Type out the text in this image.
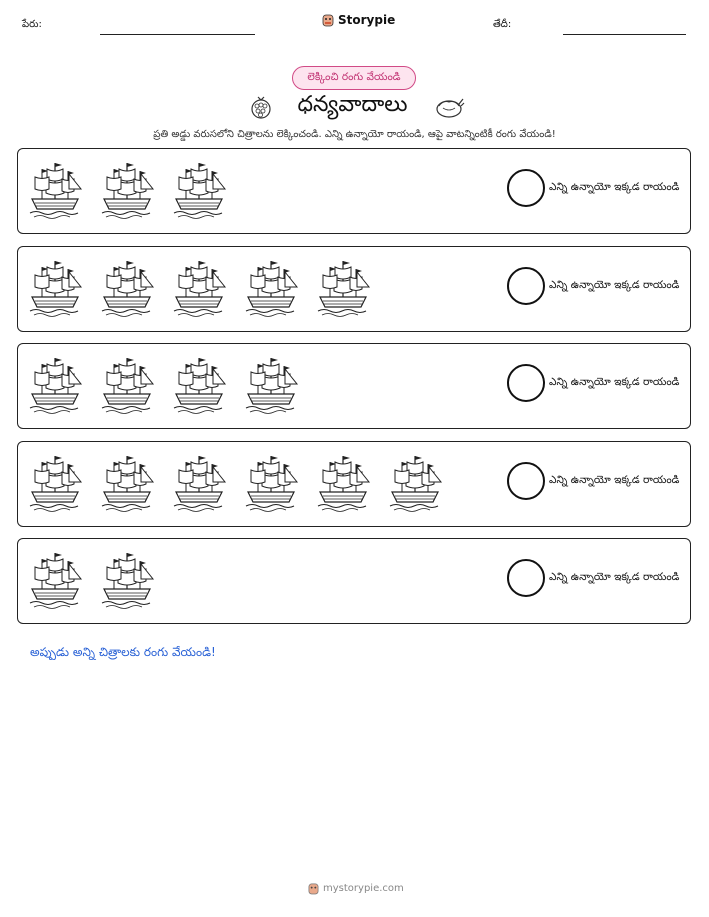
పేరు:	Storypie	తేదీ:
లెక్కించి రంగు వేయండి
ధన్యవాదాలు
ప్రతి అడ్డు వరుసలోని చిత్రాలను లెక్కించండి. ఎన్ని ఉన్నాయో రాయండి, ఆపై వాటన్నింటికీ రంగు వేయండి!
ఎన్ని ఉన్నాయో ఇక్కడ రాయండి
ఎన్ని ఉన్నాయో ఇక్కడ రాయండి
ఎన్ని ఉన్నాయో ఇక్కడ రాయండి
ఎన్ని ఉన్నాయో ఇక్కడ రాయండి
ఎన్ని ఉన్నాయో ఇక్కడ రాయండి
అప్పుడు అన్ని చిత్రాలకు రంగు వేయండి!
mystorypie.com
